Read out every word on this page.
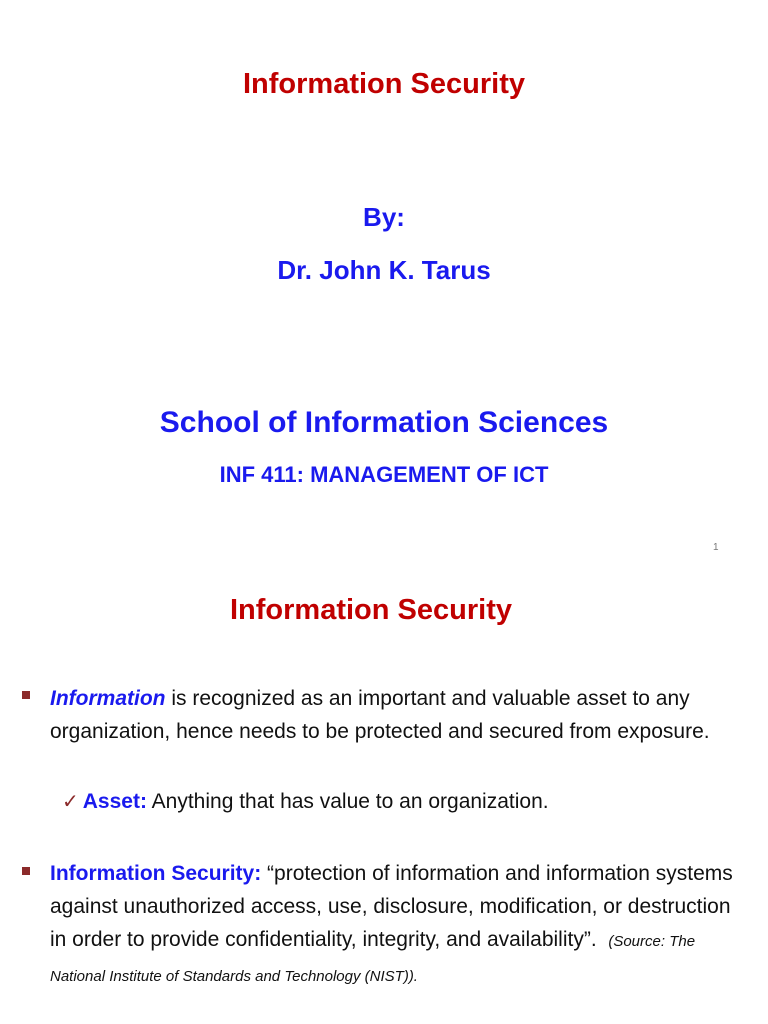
Information Security
By:
Dr. John K. Tarus
School of Information Sciences
INF 411: MANAGEMENT OF ICT
1
Information Security
Information is recognized as an important and valuable asset to any organization, hence needs to be protected and secured from exposure.
✓ Asset: Anything that has value to an organization.
Information Security: “protection of information and information systems against unauthorized access, use, disclosure, modification, or destruction in order to provide confidentiality, integrity, and availability”. (Source: The National Institute of Standards and Technology (NIST)).
